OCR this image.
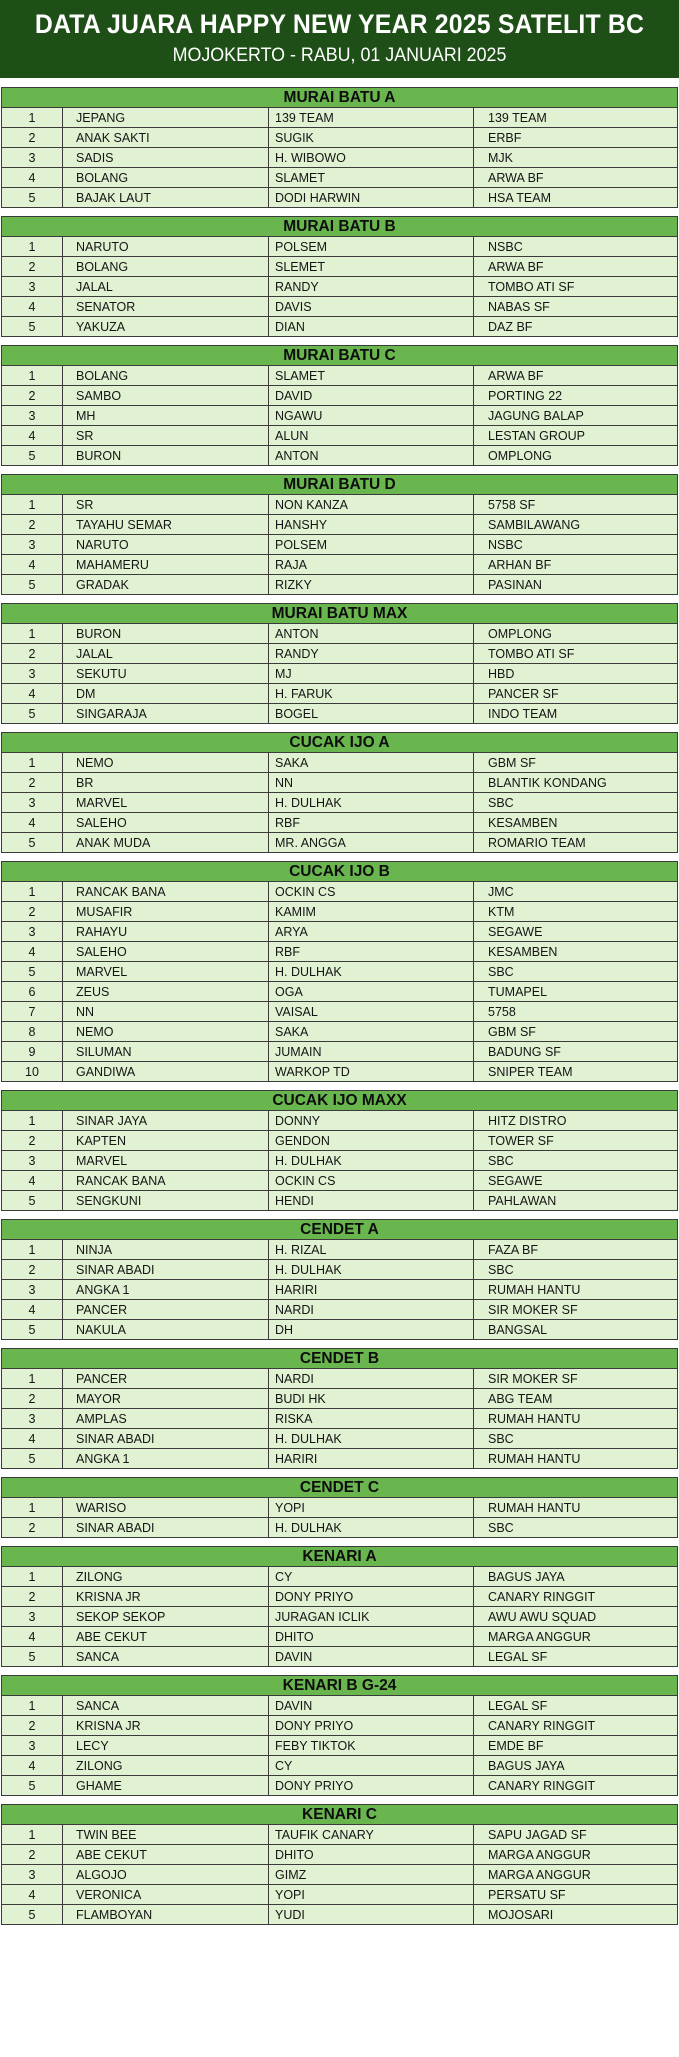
DATA JUARA HAPPY NEW YEAR 2025 SATELIT BC
MOJOKERTO - RABU, 01 JANUARI 2025
MURAI BATU A
1	JEPANG	139 TEAM	139 TEAM
2	ANAK SAKTI	SUGIK	ERBF
3	SADIS	H. WIBOWO	MJK
4	BOLANG	SLAMET	ARWA BF
5	BAJAK LAUT	DODI HARWIN	HSA TEAM
MURAI BATU B
1	NARUTO	POLSEM	NSBC
2	BOLANG	SLEMET	ARWA BF
3	JALAL	RANDY	TOMBO ATI SF
4	SENATOR	DAVIS	NABAS SF
5	YAKUZA	DIAN	DAZ BF
MURAI BATU C
1	BOLANG	SLAMET	ARWA BF
2	SAMBO	DAVID	PORTING 22
3	MH	NGAWU	JAGUNG BALAP
4	SR	ALUN	LESTAN GROUP
5	BURON	ANTON	OMPLONG
MURAI BATU D
1	SR	NON KANZA	5758 SF
2	TAYAHU SEMAR	HANSHY	SAMBILAWANG
3	NARUTO	POLSEM	NSBC
4	MAHAMERU	RAJA	ARHAN BF
5	GRADAK	RIZKY	PASINAN
MURAI BATU MAX
1	BURON	ANTON	OMPLONG
2	JALAL	RANDY	TOMBO ATI SF
3	SEKUTU	MJ	HBD
4	DM	H. FARUK	PANCER SF
5	SINGARAJA	BOGEL	INDO TEAM
CUCAK IJO A
1	NEMO	SAKA	GBM SF
2	BR	NN	BLANTIK KONDANG
3	MARVEL	H. DULHAK	SBC
4	SALEHO	RBF	KESAMBEN
5	ANAK MUDA	MR. ANGGA	ROMARIO TEAM
CUCAK IJO B
1	RANCAK BANA	OCKIN CS	JMC
2	MUSAFIR	KAMIM	KTM
3	RAHAYU	ARYA	SEGAWE
4	SALEHO	RBF	KESAMBEN
5	MARVEL	H. DULHAK	SBC
6	ZEUS	OGA	TUMAPEL
7	NN	VAISAL	5758
8	NEMO	SAKA	GBM SF
9	SILUMAN	JUMAIN	BADUNG SF
10	GANDIWA	WARKOP TD	SNIPER TEAM
CUCAK IJO MAXX
1	SINAR JAYA	DONNY	HITZ DISTRO
2	KAPTEN	GENDON	TOWER SF
3	MARVEL	H. DULHAK	SBC
4	RANCAK BANA	OCKIN CS	SEGAWE
5	SENGKUNI	HENDI	PAHLAWAN
CENDET A
1	NINJA	H. RIZAL	FAZA BF
2	SINAR ABADI	H. DULHAK	SBC
3	ANGKA 1	HARIRI	RUMAH HANTU
4	PANCER	NARDI	SIR MOKER SF
5	NAKULA	DH	BANGSAL
CENDET B
1	PANCER	NARDI	SIR MOKER SF
2	MAYOR	BUDI HK	ABG TEAM
3	AMPLAS	RISKA	RUMAH HANTU
4	SINAR ABADI	H. DULHAK	SBC
5	ANGKA 1	HARIRI	RUMAH HANTU
CENDET C
1	WARISO	YOPI	RUMAH HANTU
2	SINAR ABADI	H. DULHAK	SBC
KENARI A
1	ZILONG	CY	BAGUS JAYA
2	KRISNA JR	DONY PRIYO	CANARY RINGGIT
3	SEKOP SEKOP	JURAGAN ICLIK	AWU AWU SQUAD
4	ABE CEKUT	DHITO	MARGA ANGGUR
5	SANCA	DAVIN	LEGAL SF
KENARI B G-24
1	SANCA	DAVIN	LEGAL SF
2	KRISNA JR	DONY PRIYO	CANARY RINGGIT
3	LECY	FEBY TIKTOK	EMDE BF
4	ZILONG	CY	BAGUS JAYA
5	GHAME	DONY PRIYO	CANARY RINGGIT
KENARI C
1	TWIN BEE	TAUFIK CANARY	SAPU JAGAD SF
2	ABE CEKUT	DHITO	MARGA ANGGUR
3	ALGOJO	GIMZ	MARGA ANGGUR
4	VERONICA	YOPI	PERSATU SF
5	FLAMBOYAN	YUDI	MOJOSARI
